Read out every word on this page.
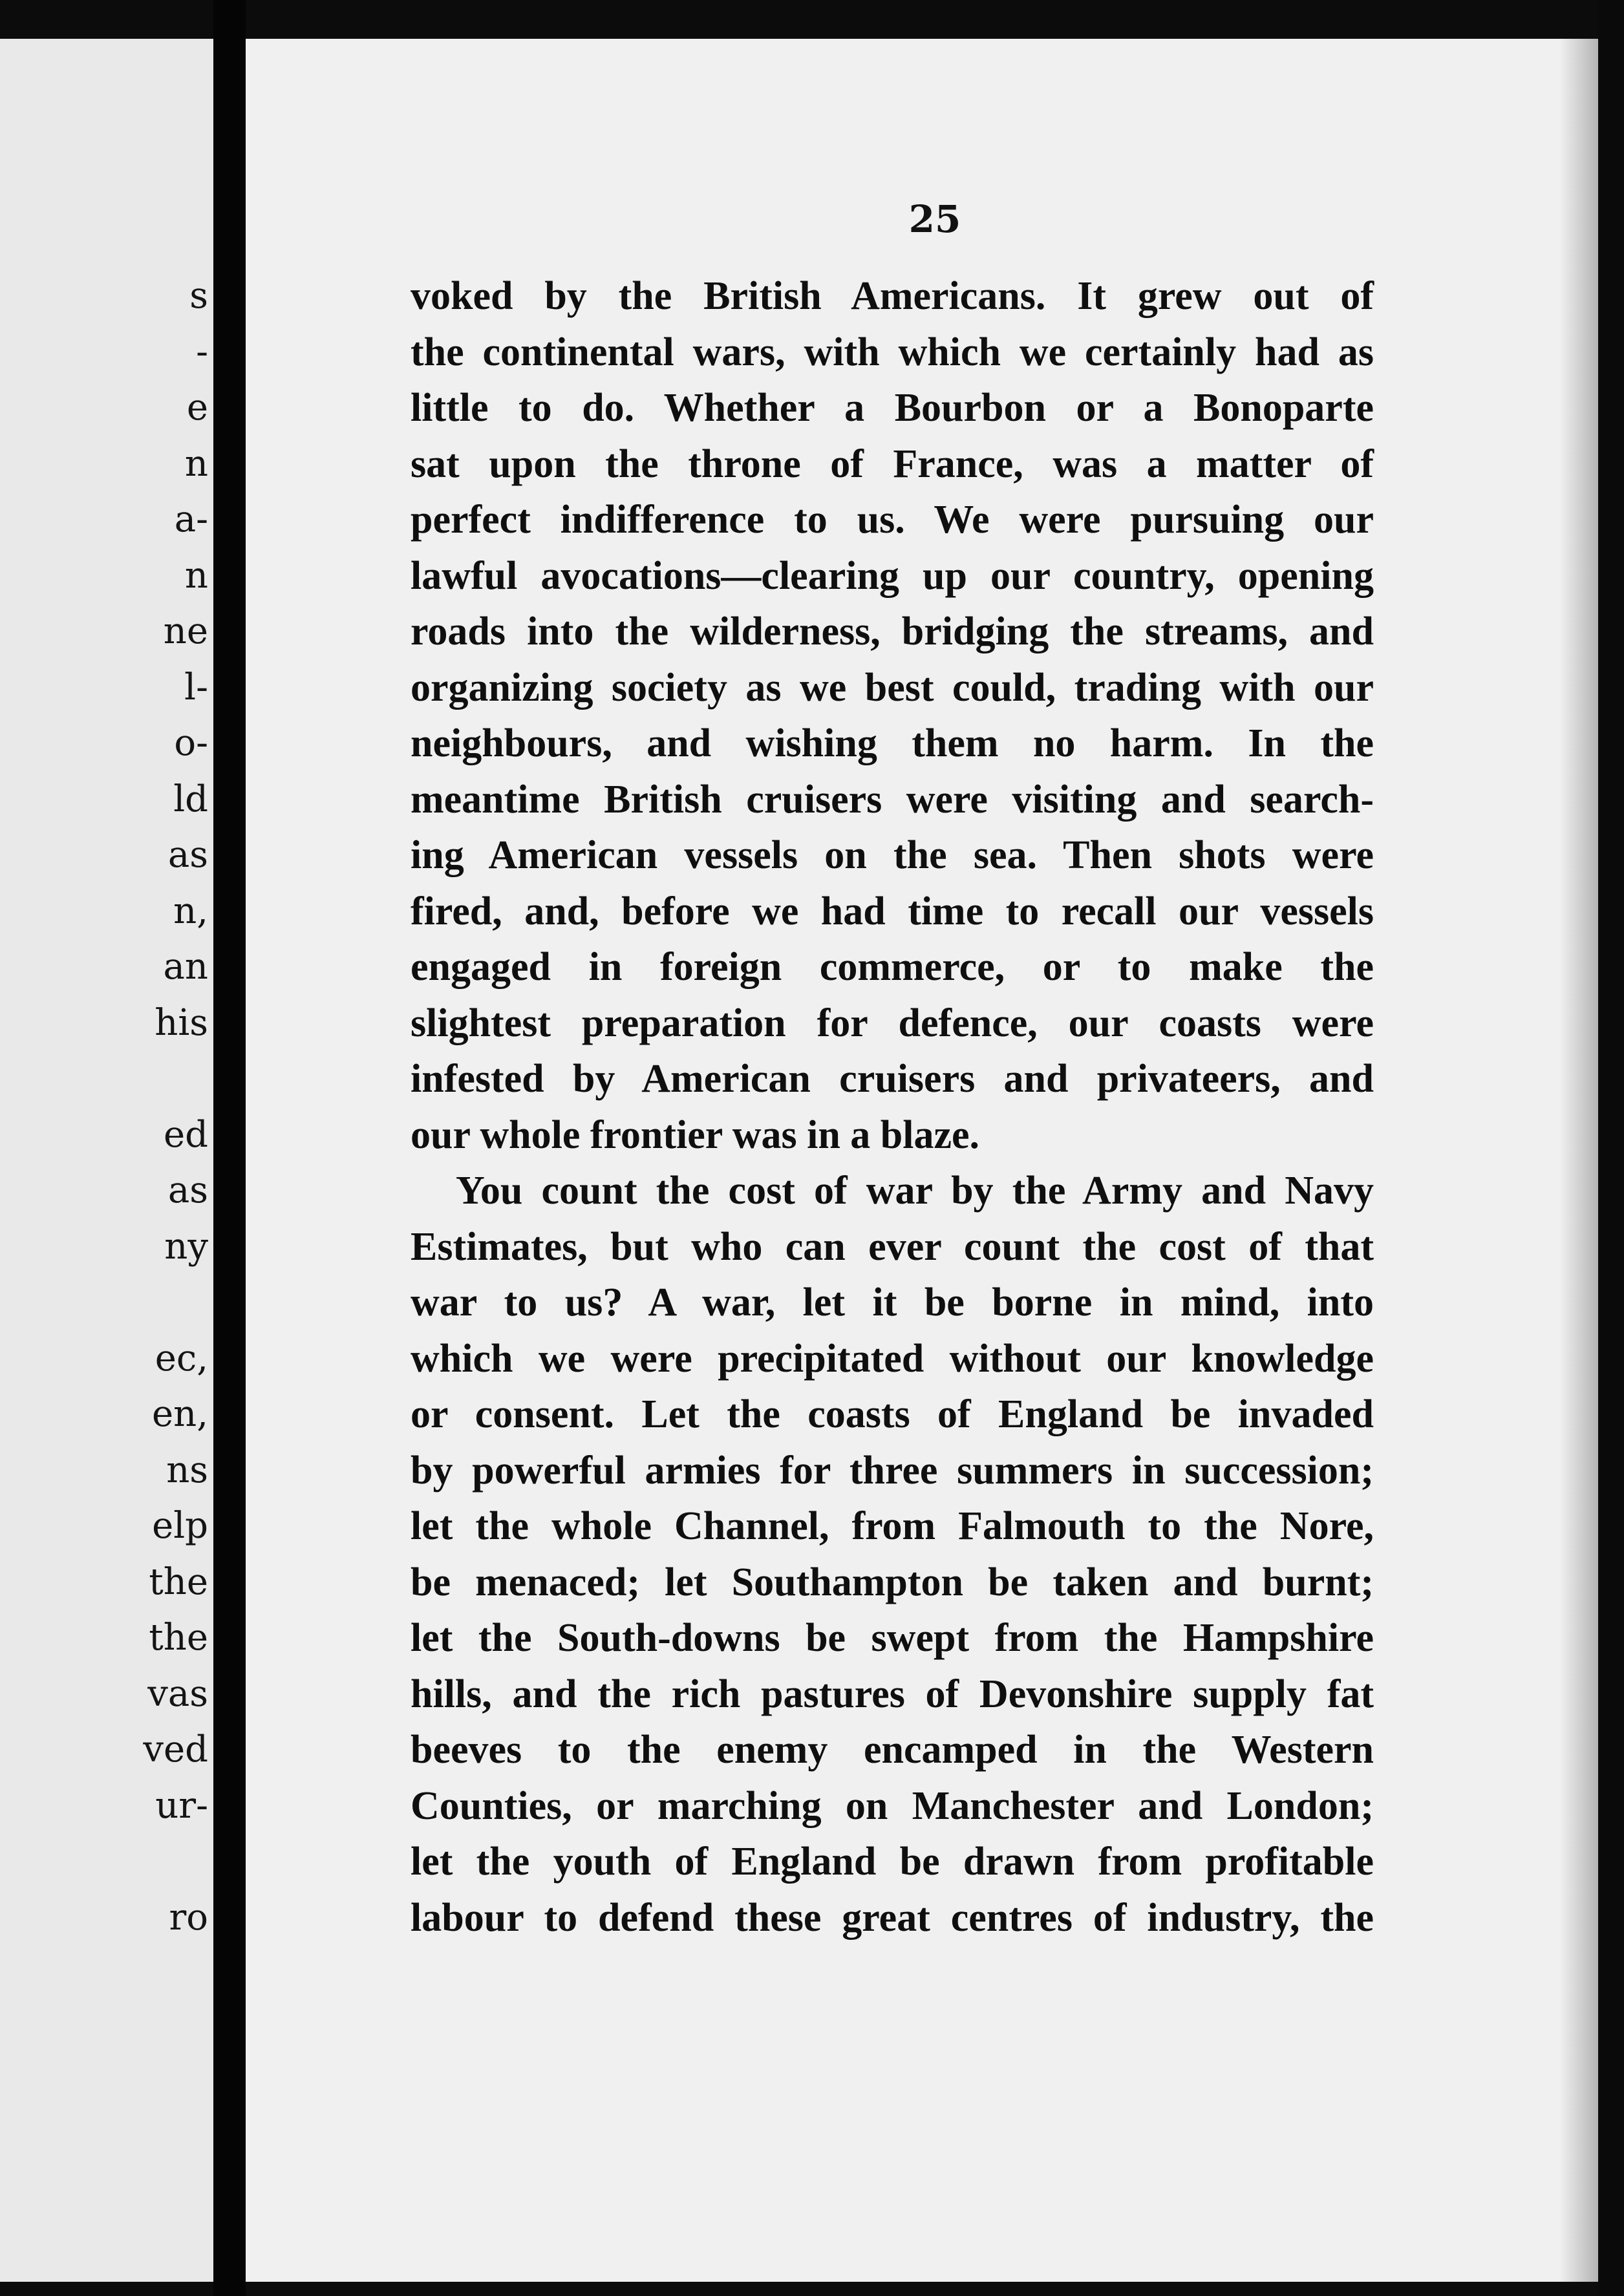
s
-
e
n
a-
n
ne
l-
o-
ld
as
n,
an
his
ed
as
ny
ec,
en,
ns
elp
the
the
vas
ved
ur-
ro
25
voked by the British Americans. It grew out of
the continental wars, with which we certainly had as
little to do. Whether a Bourbon or a Bonoparte
sat upon the throne of France, was a matter of
perfect indifference to us. We were pursuing our
lawful avocations—clearing up our country, opening
roads into the wilderness, bridging the streams, and
organizing society as we best could, trading with our
neighbours, and wishing them no harm. In the
meantime British cruisers were visiting and search-
ing American vessels on the sea. Then shots were
fired, and, before we had time to recall our vessels
engaged in foreign commerce, or to make the
slightest preparation for defence, our coasts were
infested by American cruisers and privateers, and
our whole frontier was in a blaze.
You count the cost of war by the Army and Navy
Estimates, but who can ever count the cost of that
war to us? A war, let it be borne in mind, into
which we were precipitated without our knowledge
or consent. Let the coasts of England be invaded
by powerful armies for three summers in succession;
let the whole Channel, from Falmouth to the Nore,
be menaced; let Southampton be taken and burnt;
let the South-downs be swept from the Hampshire
hills, and the rich pastures of Devonshire supply fat
beeves to the enemy encamped in the Western
Counties, or marching on Manchester and London;
let the youth of England be drawn from profitable
labour to defend these great centres of industry, the
